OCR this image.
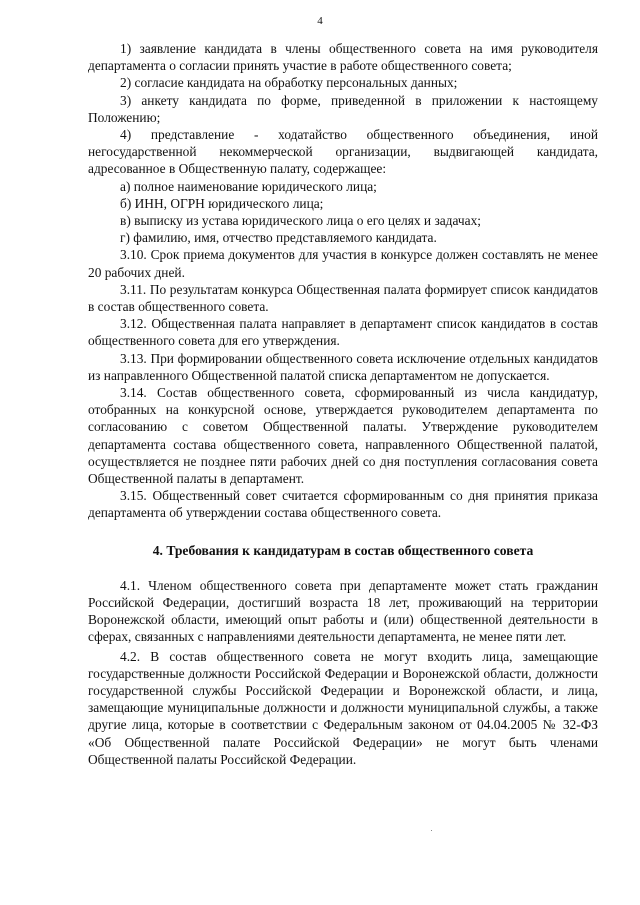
4

1) заявление кандидата в члены общественного совета на имя руководителя департамента о согласии принять участие в работе общественного совета;

2) согласие кандидата на обработку персональных данных;

3) анкету кандидата по форме, приведенной в приложении к настоящему Положению;

4) представление - ходатайство общественного объединения, иной негосударственной некоммерческой организации, выдвигающей кандидата, адресованное в Общественную палату, содержащее:

а) полное наименование юридического лица;

б) ИНН, ОГРН юридического лица;

в) выписку из устава юридического лица о его целях и задачах;

г) фамилию, имя, отчество представляемого кандидата.

3.10. Срок приема документов для участия в конкурсе должен составлять не менее 20 рабочих дней.

3.11. По результатам конкурса Общественная палата формирует список кандидатов в состав общественного совета.

3.12. Общественная палата направляет в департамент список кандидатов в состав общественного совета для его утверждения.

3.13. При формировании общественного совета исключение отдельных кандидатов из направленного Общественной палатой списка департаментом не допускается.

3.14. Состав общественного совета, сформированный из числа кандидатур, отобранных на конкурсной основе, утверждается руководителем департамента по согласованию с советом Общественной палаты. Утверждение руководителем департамента состава общественного совета, направленного Общественной палатой, осуществляется не позднее пяти рабочих дней со дня поступления согласования совета Общественной палаты в департамент.

3.15. Общественный совет считается сформированным со дня принятия приказа департамента об утверждении состава общественного совета.

4. Требования к кандидатурам в состав общественного совета

4.1. Членом общественного совета при департаменте может стать гражданин Российской Федерации, достигший возраста 18 лет, проживающий на территории Воронежской области, имеющий опыт работы и (или) общественной деятельности в сферах, связанных с направлениями деятельности департамента, не менее пяти лет.

4.2. В состав общественного совета не могут входить лица, замещающие государственные должности Российской Федерации и Воронежской области, должности государственной службы Российской Федерации и Воронежской области, и лица, замещающие муниципальные должности и должности муниципальной службы, а также другие лица, которые в соответствии с Федеральным законом от 04.04.2005 № 32-ФЗ «Об Общественной палате Российской Федерации» не могут быть членами Общественной палаты Российской Федерации.
